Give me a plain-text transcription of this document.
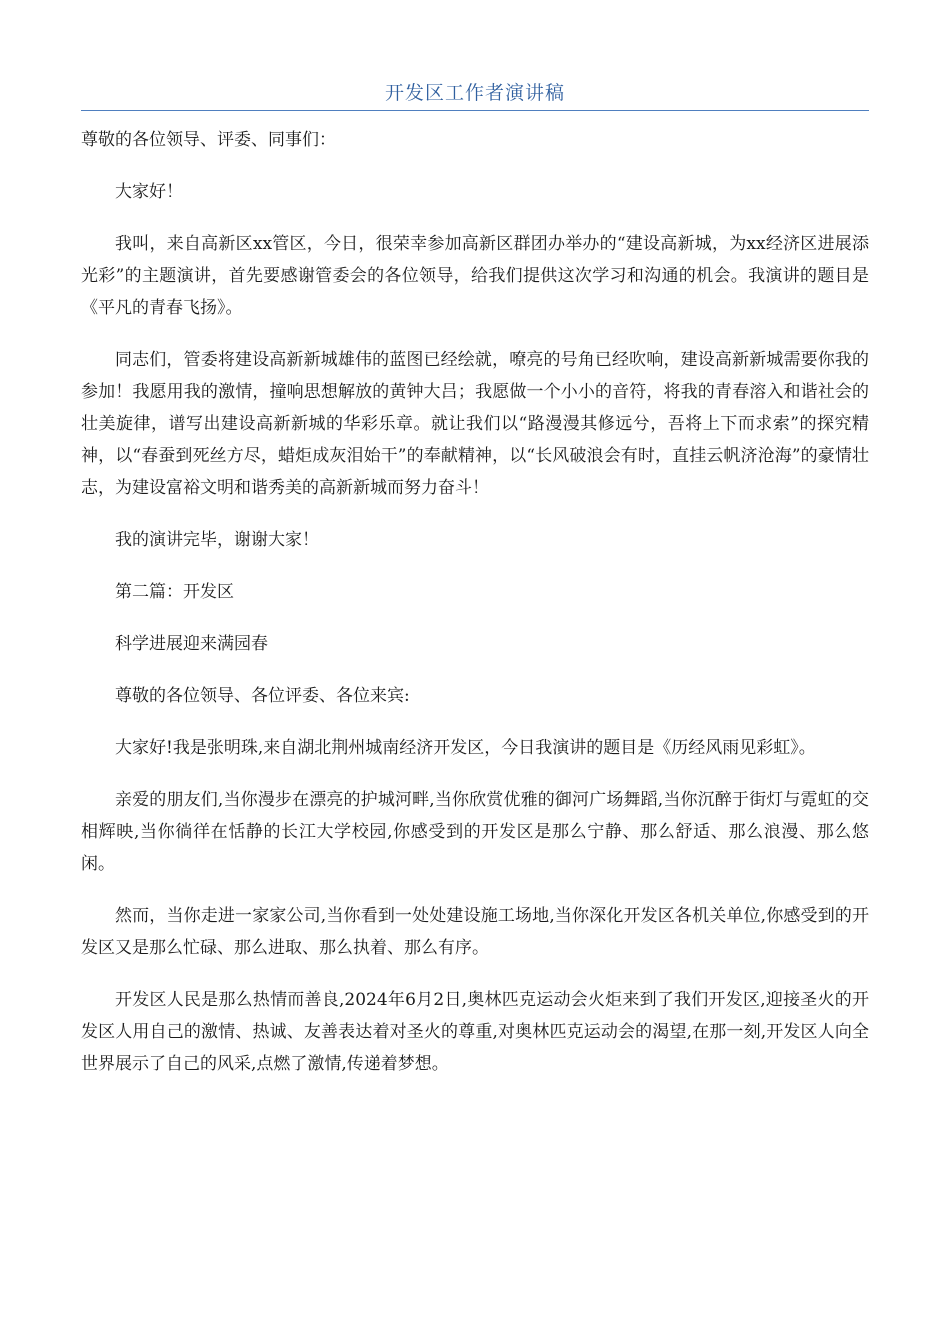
开发区工作者演讲稿

尊敬的各位领导、评委、同事们：

大家好！

我叫，来自高新区xx管区，今日，很荣幸参加高新区群团办举办的“建设高新城，为xx经济区进展添光彩”的主题演讲，首先要感谢管委会的各位领导，给我们提供这次学习和沟通的机会。我演讲的题目是《平凡的青春飞扬》。

同志们，管委将建设高新新城雄伟的蓝图已经绘就，嘹亮的号角已经吹响，建设高新新城需要你我的参加！我愿用我的激情，撞响思想解放的黄钟大吕；我愿做一个小小的音符，将我的青春溶入和谐社会的壮美旋律，谱写出建设高新新城的华彩乐章。就让我们以“路漫漫其修远兮，吾将上下而求索”的探究精神，以“春蚕到死丝方尽，蜡炬成灰泪始干”的奉献精神，以“长风破浪会有时，直挂云帆济沧海”的豪情壮志，为建设富裕文明和谐秀美的高新新城而努力奋斗！

我的演讲完毕，谢谢大家！

第二篇：开发区

科学进展迎来满园春

尊敬的各位领导、各位评委、各位来宾:

大家好!我是张明珠,来自湖北荆州城南经济开发区，今日我演讲的题目是《历经风雨见彩虹》。

亲爱的朋友们,当你漫步在漂亮的护城河畔,当你欣赏优雅的御河广场舞蹈,当你沉醉于街灯与霓虹的交相辉映,当你徜徉在恬静的长江大学校园,你感受到的开发区是那么宁静、那么舒适、那么浪漫、那么悠闲。

然而，当你走进一家家公司,当你看到一处处建设施工场地,当你深化开发区各机关单位,你感受到的开发区又是那么忙碌、那么进取、那么执着、那么有序。

开发区人民是那么热情而善良,2024年6月2日,奥林匹克运动会火炬来到了我们开发区,迎接圣火的开发区人用自己的激情、热诚、友善表达着对圣火的尊重,对奥林匹克运动会的渴望,在那一刻,开发区人向全世界展示了自己的风采,点燃了激情,传递着梦想。
